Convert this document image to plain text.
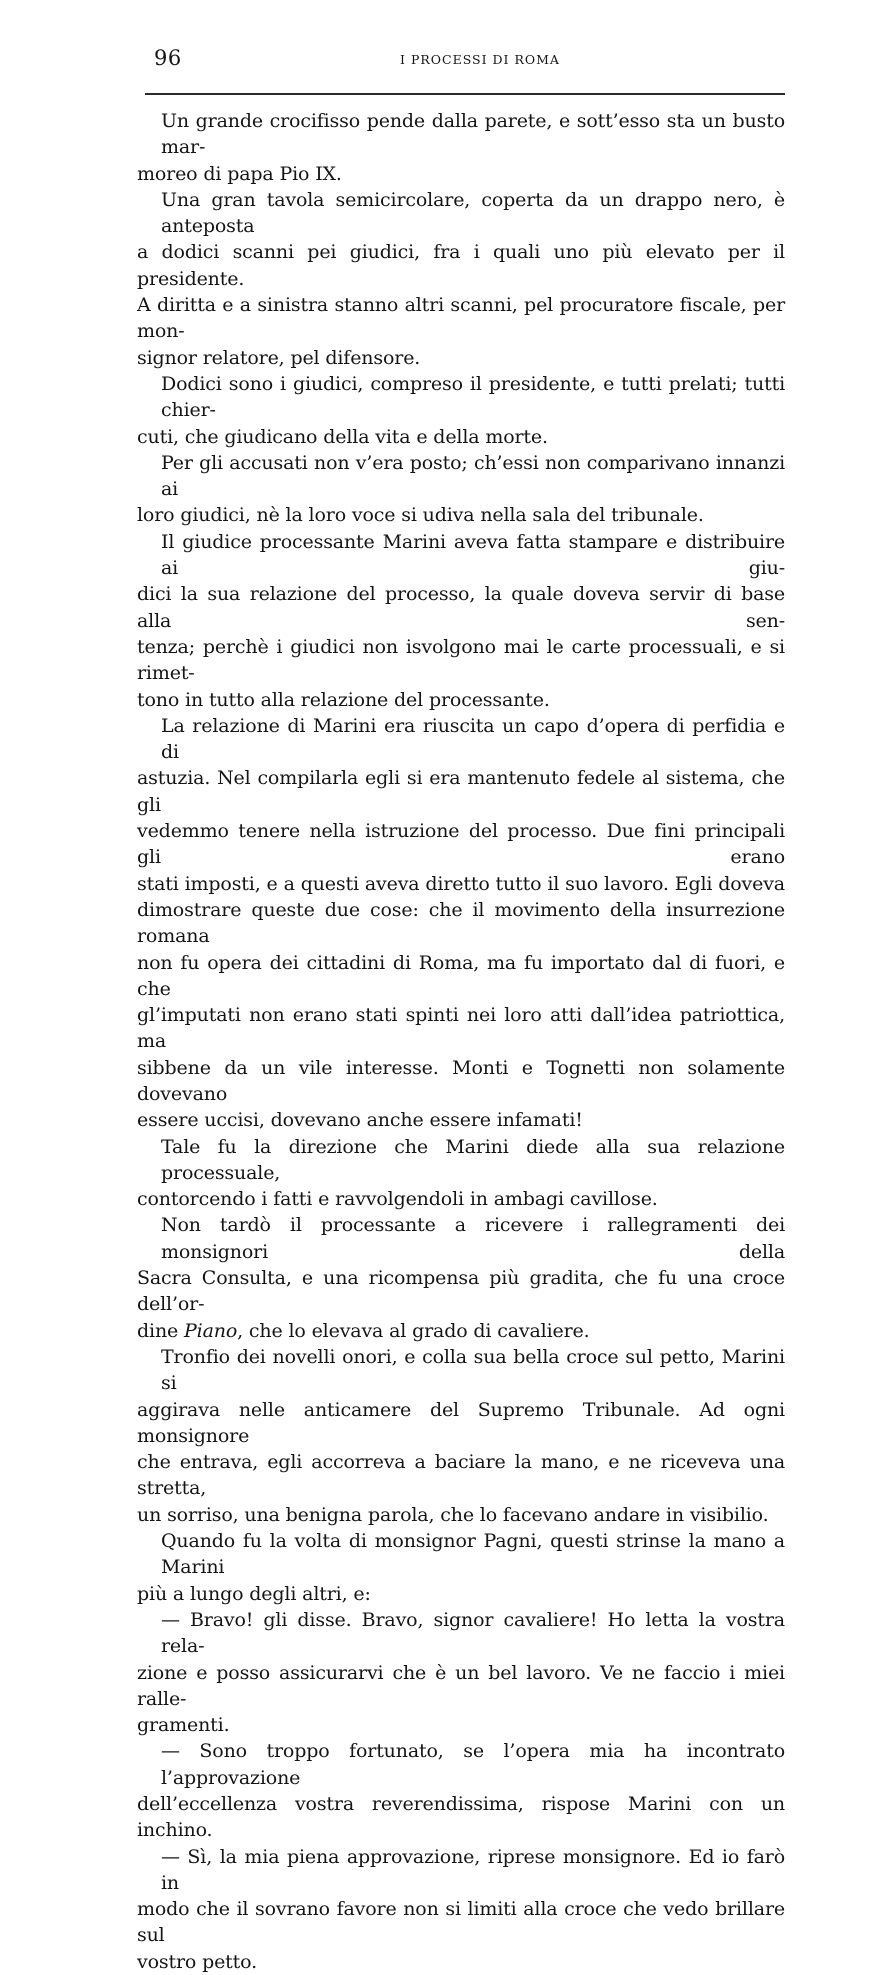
96	I PROCESSI DI ROMA
Un grande crocifisso pende dalla parete, e sott’esso sta un busto mar-
moreo di papa Pio IX.
Una gran tavola semicircolare, coperta da un drappo nero, è anteposta
a dodici scanni pei giudici, fra i quali uno più elevato per il presidente.
A diritta e a sinistra stanno altri scanni, pel procuratore fiscale, per mon-
signor relatore, pel difensore.
Dodici sono i giudici, compreso il presidente, e tutti prelati; tutti chier-
cuti, che giudicano della vita e della morte.
Per gli accusati non v’era posto; ch’essi non comparivano innanzi ai
loro giudici, nè la loro voce si udiva nella sala del tribunale.
Il giudice processante Marini aveva fatta stampare e distribuire ai giu-
dici la sua relazione del processo, la quale doveva servir di base alla sen-
tenza; perchè i giudici non isvolgono mai le carte processuali, e si rimet-
tono in tutto alla relazione del processante.
La relazione di Marini era riuscita un capo d’opera di perfidia e di
astuzia. Nel compilarla egli si era mantenuto fedele al sistema, che gli
vedemmo tenere nella istruzione del processo. Due fini principali gli erano
stati imposti, e a questi aveva diretto tutto il suo lavoro. Egli doveva
dimostrare queste due cose: che il movimento della insurrezione romana
non fu opera dei cittadini di Roma, ma fu importato dal di fuori, e che
gl’imputati non erano stati spinti nei loro atti dall’idea patriottica, ma
sibbene da un vile interesse. Monti e Tognetti non solamente dovevano
essere uccisi, dovevano anche essere infamati!
Tale fu la direzione che Marini diede alla sua relazione processuale,
contorcendo i fatti e ravvolgendoli in ambagi cavillose.
Non tardò il processante a ricevere i rallegramenti dei monsignori della
Sacra Consulta, e una ricompensa più gradita, che fu una croce dell’or-
dine Piano, che lo elevava al grado di cavaliere.
Tronfio dei novelli onori, e colla sua bella croce sul petto, Marini si
aggirava nelle anticamere del Supremo Tribunale. Ad ogni monsignore
che entrava, egli accorreva a baciare la mano, e ne riceveva una stretta,
un sorriso, una benigna parola, che lo facevano andare in visibilio.
Quando fu la volta di monsignor Pagni, questi strinse la mano a Marini
più a lungo degli altri, e:
— Bravo! gli disse. Bravo, signor cavaliere! Ho letta la vostra rela-
zione e posso assicurarvi che è un bel lavoro. Ve ne faccio i miei ralle-
gramenti.
— Sono troppo fortunato, se l’opera mia ha incontrato l’approvazione
dell’eccellenza vostra reverendissima, rispose Marini con un inchino.
— Sì, la mia piena approvazione, riprese monsignore. Ed io farò in
modo che il sovrano favore non si limiti alla croce che vedo brillare sul
vostro petto.
